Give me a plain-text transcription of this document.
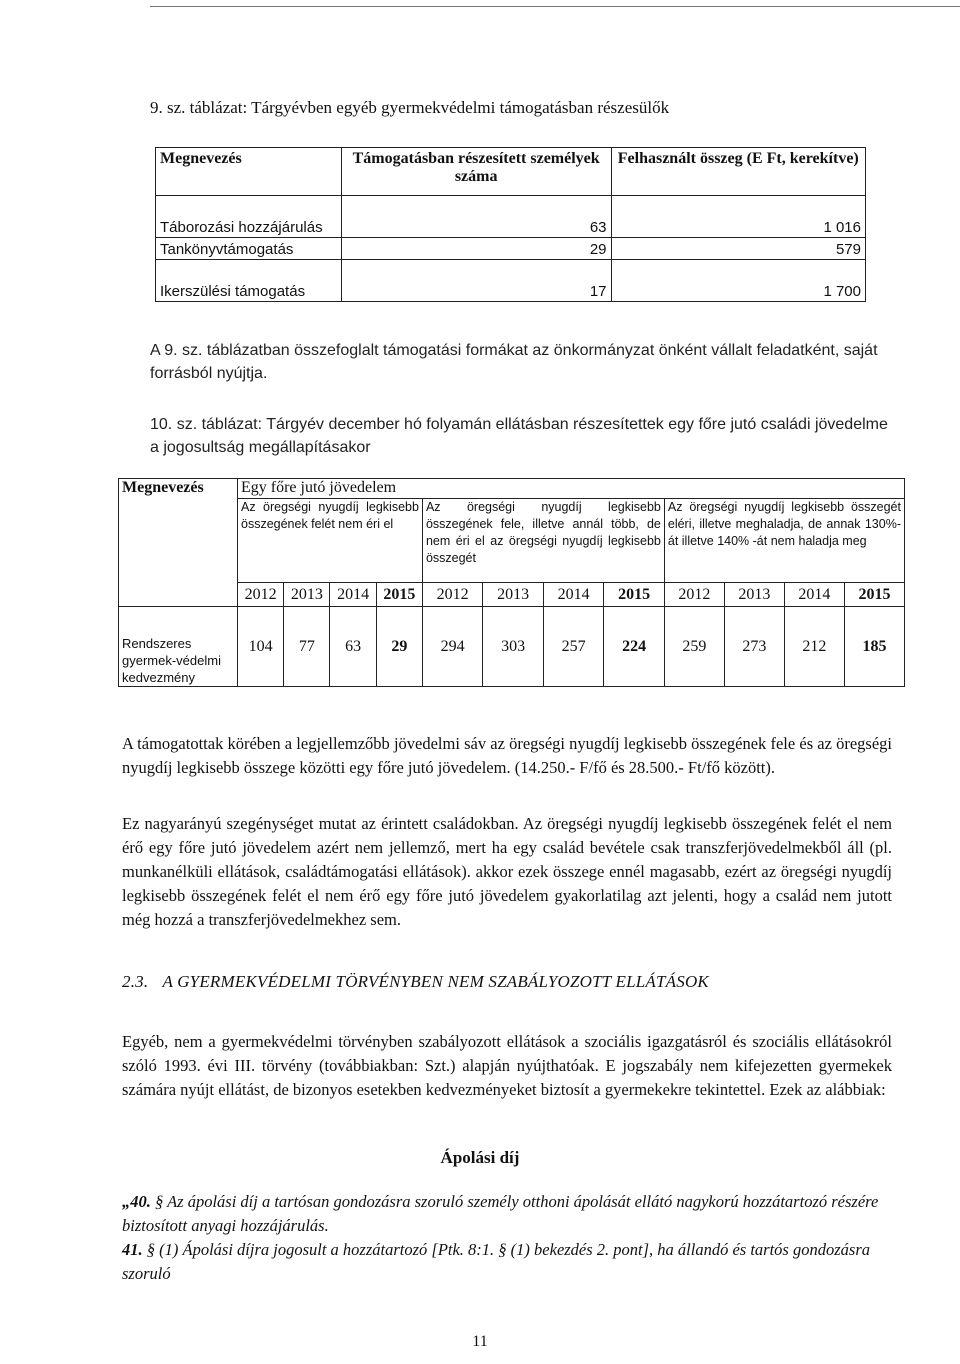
9. sz. táblázat: Tárgyévben egyéb gyermekvédelmi támogatásban részesülők
Megnevezés	Támogatásban részesített személyek száma	Felhasznált összeg (E Ft, kerekítve)
Táborozási hozzájárulás	63	1 016
Tankönyvtámogatás	29	579
Ikerszülési támogatás	17	1 700
A 9. sz. táblázatban összefoglalt támogatási formákat az önkormányzat önként vállalt feladatként, saját forrásból nyújtja.
10. sz. táblázat: Tárgyév december hó folyamán ellátásban részesítettek egy főre jutó családi jövedelme a jogosultság megállapításakor
Megnevezés	Egy főre jutó jövedelem											
	Az öregségi nyugdíj legkisebb összegének felét nem éri el				Az öregségi nyugdíj legkisebb összegének fele, illetve annál több, de nem éri el az öregségi nyugdíj legkisebb összegét				Az öregségi nyugdíj legkisebb összegét eléri, illetve meghaladja, de annak 130%-át illetve 140% -át nem haladja meg			
	2012	2013	2014	2015	2012	2013	2014	2015	2012	2013	2014	2015
Rendszeres gyermek-védelmi kedvezmény	104	77	63	29	294	303	257	224	259	273	212	185
A támogatottak körében a legjellemzőbb jövedelmi sáv az öregségi nyugdíj legkisebb összegének fele és az öregségi nyugdíj legkisebb összege közötti egy főre jutó jövedelem. (14.250.- F/fő és 28.500.- Ft/fő között).
Ez nagyarányú szegénységet mutat az érintett családokban. Az öregségi nyugdíj legkisebb összegének felét el nem érő egy főre jutó jövedelem azért nem jellemző, mert ha egy család bevétele csak transzferjövedelmekből áll (pl. munkanélküli ellátások, családtámogatási ellátások). akkor ezek összege ennél magasabb, ezért az öregségi nyugdíj legkisebb összegének felét el nem érő egy főre jutó jövedelem gyakorlatilag azt jelenti, hogy a család nem jutott még hozzá a transzferjövedelmekhez sem.
2.3. A GYERMEKVÉDELMI TÖRVÉNYBEN NEM SZABÁLYOZOTT ELLÁTÁSOK
Egyéb, nem a gyermekvédelmi törvényben szabályozott ellátások a szociális igazgatásról és szociális ellátásokról szóló 1993. évi III. törvény (továbbiakban: Szt.) alapján nyújthatóak. E jogszabály nem kifejezetten gyermekek számára nyújt ellátást, de bizonyos esetekben kedvezményeket biztosít a gyermekekre tekintettel. Ezek az alábbiak:
Ápolási díj
„40. § Az ápolási díj a tartósan gondozásra szoruló személy otthoni ápolását ellátó nagykorú hozzátartozó részére biztosított anyagi hozzájárulás.
41. § (1) Ápolási díjra jogosult a hozzátartozó [Ptk. 8:1. § (1) bekezdés 2. pont], ha állandó és tartós gondozásra szoruló
11
